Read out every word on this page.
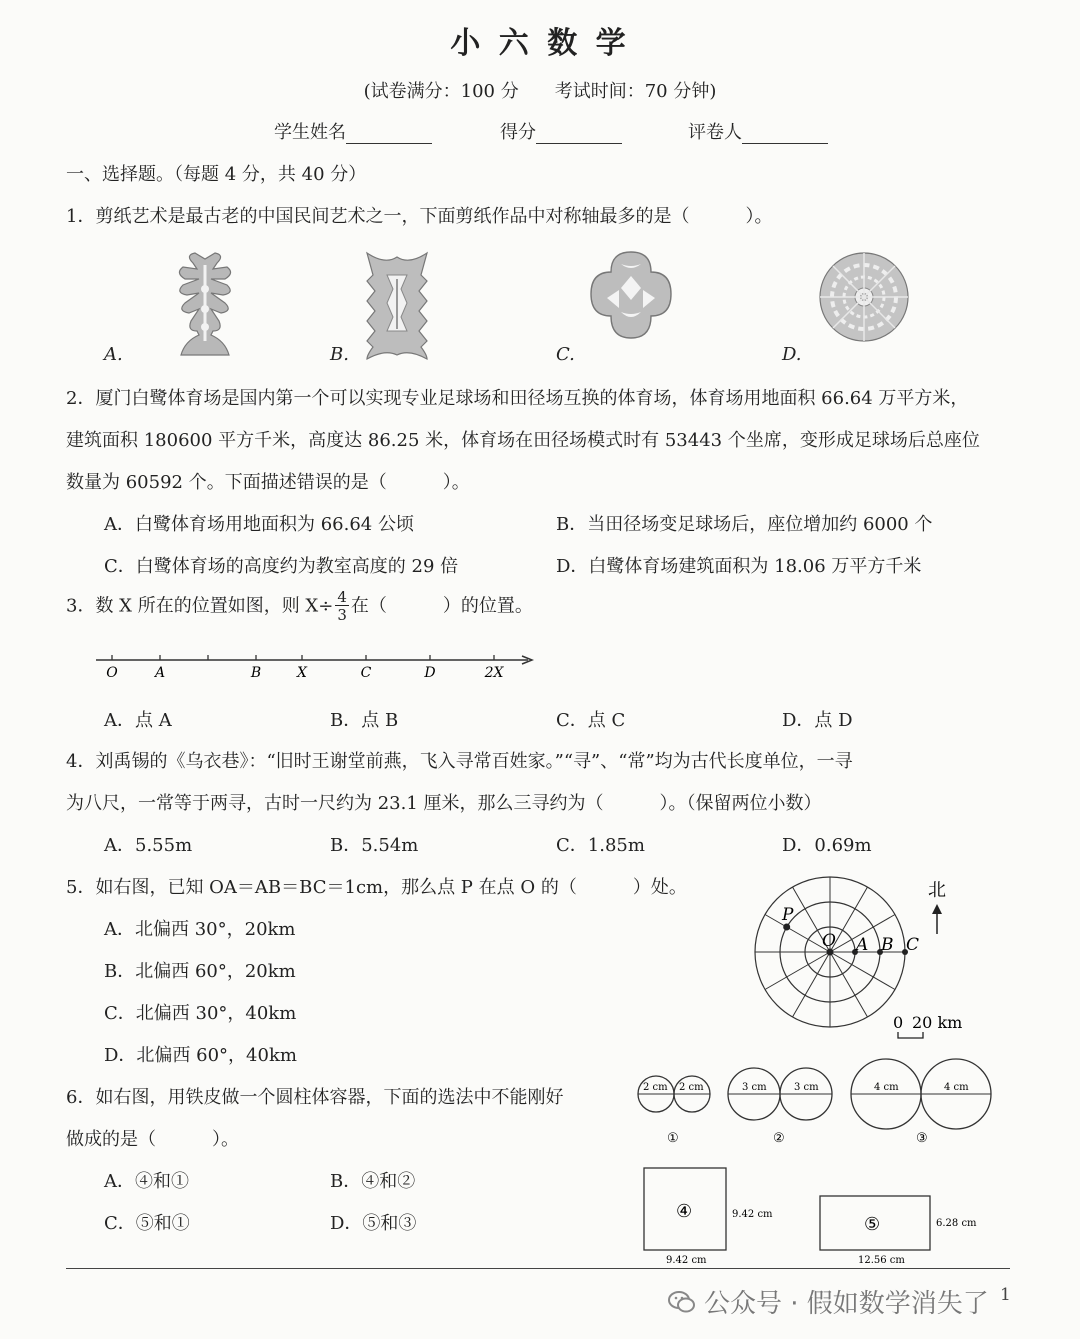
小 六 数 学
(试卷满分：100 分　　考试时间：70 分钟)
学生姓名	得分	评卷人
一、选择题。（每题 4 分，共 40 分）
1．剪纸艺术是最古老的中国民间艺术之一，下面剪纸作品中对称轴最多的是（	）。
A.	B.	C.	D.
2．厦门白鹭体育场是国内第一个可以实现专业足球场和田径场互换的体育场，体育场用地面积 66.64 万平方米，
建筑面积 180600 平方千米，高度达 86.25 米，体育场在田径场模式时有 53443 个坐席，变形成足球场后总座位
数量为 60592 个。下面描述错误的是（	）。
A．白鹭体育场用地面积为 66.64 公顷	B．当田径场变足球场后，座位增加约 6000 个
C．白鹭体育场的高度约为教室高度的 29 倍	D．白鹭体育场建筑面积为 18.06 万平方千米
3．数 X 所在的位置如图，则 $X\div \frac{4}{3}$ 在（	）的位置。
O	A	B	X	C	D	2X
A．点 A	B．点 B	C．点 C	D．点 D
4．刘禹锡的《乌衣巷》：“旧时王谢堂前燕，飞入寻常百姓家。”“寻”、“常”均为古代长度单位，一寻
为八尺，一常等于两寻，古时一尺约为 23.1 厘米，那么三寻约为（	）。（保留两位小数）
A．5.55m	B．5.54m	C．1.85m	D．0.69m
5．如右图，已知 OA＝AB＝BC＝1cm，那么点 P 在点 O 的（	）处。
A．北偏西 30°，20km
B．北偏西 60°，20km
C．北偏西 30°，40km
D．北偏西 60°，40km
P
O A B C
北
0 20 km
6．如右图，用铁皮做一个圆柱体容器，下面的选法中不能刚好
做成的是（	）。
A．④和①	B．④和②
C．⑤和①	D．⑤和③
2 cm 2 cm
①
3 cm	3 cm
②
4 cm	4 cm
③
④	9.42 cm
9.42 cm
⑤	6.28 cm
12.56 cm
公众号 · 假如数学消失了 1
